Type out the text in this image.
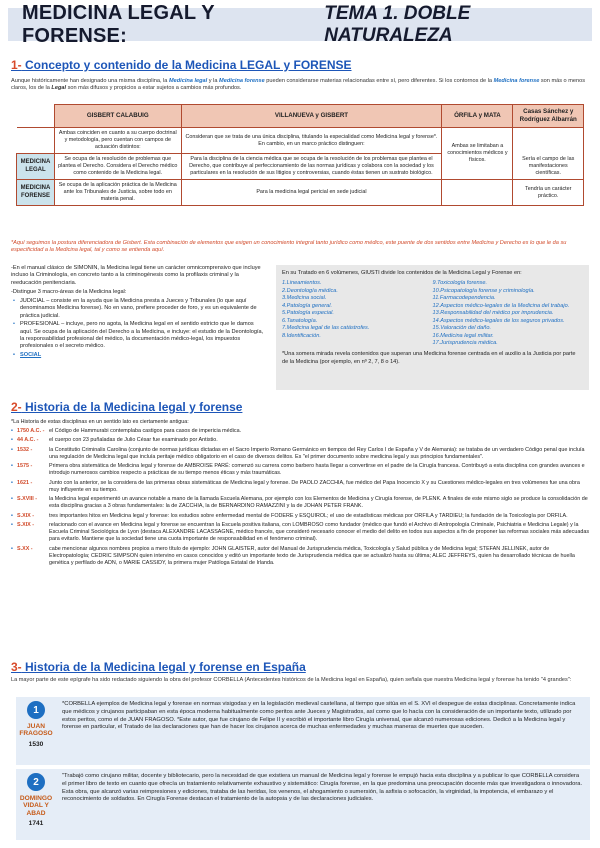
MEDICINA LEGAL Y FORENSE:
TEMA 1. DOBLE NATURALEZA
1- Concepto y contenido de la Medicina LEGAL y FORENSE
Aunque históricamente han designado una misma disciplina, la Medicina legal y la Medicina forense pueden considerarse materias relacionadas entre sí, pero diferentes. Si los contornos de la Medicina forense son más o menos claros, los de la Legal son más difusos y propicios a estar sujetos a cambios más profundos.
	GISBERT CALABUIG	VILLANUEVA y GISBERT	ÓRFILA y MATA	Casas Sánchez y Rodríguez Albarrán
	Ambas coinciden en cuanto a su cuerpo doctrinal y metodología, pero cuentan con campos de actuación distintos:	Consideran que se trata de una única disciplina, titulando la especialidad como Medicina legal y forense*. En cambio, en un marco práctico distinguen:	Ambas se limitaban a conocimientos médicos y físicos.	
MEDICINA LEGAL	Se ocupa de la resolución de problemas que plantea el Derecho. Considera el Derecho médico como contenido de la Medicina legal.	Para la disciplina de la ciencia médica que se ocupa de la resolución de los problemas que plantea el Derecho, que contribuye al perfeccionamiento de las normas jurídicas y colabora con la sociedad y los particulares en la resolución de sus litigios y controversias, cuando éstas tienen un sustrato biológico.		Sería el campo de las manifestaciones científicas.
MEDICINA FORENSE	Se ocupa de la aplicación práctica de la Medicina ante los Tribunales de Justicia, sobre todo en materia penal.	Para la medicina legal pericial en sede judicial		Tendría un carácter práctico.
*Aquí seguimos la postura diferenciadora de Gisbert. Esta combinación de elementos que exigen un conocimiento integral tanto jurídico como médico, este puente de dos sentidos entre Medicina y Derecho es lo que le da su especificidad a la Medicina legal, tal y como se entienda aquí.
-En el manual clásico de SIMONIN, la Medicina legal tiene un carácter omnicomprensivo que incluye incluso la Criminología, en concreto tanto a la criminogénesis como la profilaxis criminal y la reeducación penitenciaria.
-Distingue 3 macro-áreas de la Medicina legal:
• JUDICIAL – consiste en la ayuda que la Medicina presta a Jueces y Tribunales (lo que aquí denominamos Medicina forense). No en vano, prefiere proceder de foro, y es un equivalente de práctica judicial.
• PROFESIONAL – incluye, pero no agota, la Medicina legal en el sentido estricto que le damos aquí. Se ocupa de la aplicación del Derecho a la Medicina, e incluye: el estudio de la Deontología, la responsabilidad profesional del médico, la documentación médico-legal, los impuestos profesionales o el secreto médico.
• SOCIAL
En su Tratado en 6 volúmenes, GIUSTI divide los contenidos de la Medicina Legal y Forense en:
1.Lineamientos.
2.Deontología médica.
3.Medicina social.
4.Patología general.
5.Patología especial.
6.Tanatología.
7.Medicina legal de las catástrofes.
8.Identificación.
9.Toxicología forense.
10.Psicopatología forense y criminología.
11.Farmacodependencia.
12.Aspectos médico-legales de la Medicina del trabajo.
13.Responsabilidad del médico por imprudencia.
14.Aspectos médico-legales de los seguros privados.
15.Valoración del daño.
16.Medicina legal militar.
17.Jurisprudencia médica.
*Una somera mirada revela contenidos que superan una Medicina forense centrada en el auxilio a la Justicia por parte de la Medicina (por ejemplo, en nº 2, 7, 8 o 14).
2- Historia de la Medicina legal y forense
*La Historia de estas disciplinas en un sentido lato es ciertamente antigua:
• 1750 A.C. - el Código de Hammurabi contemplaba castigos para casos de impericia médica.
• 44 A.C. -	el cuerpo con 23 puñaladas de Julio César fue examinado por Antistio.
• 1532 -	la Constitutio Criminalis Carolina (conjunto de normas jurídicas dictadas en el Sacro Imperio Romano Germánico en tiempos del Rey Carlos I de España y V de Alemania): se trataba de un verdadero Código penal que incluía una regulación de Medicina legal que incluía peritaje médico obligatorio en el caso de diversos delitos. Es "el primer documento sobre medicina legal y sus principios fundamentales".
• 1575 -	Primera obra sistemática de Medicina legal y forense de AMBROISE PARÉ: comenzó su carrera como barbero hasta llegar a convertirse en el padre de la Cirugía francesa. Contribuyó a esta disciplina con grandes avances e introdujo numerosos cambios respecto a prácticas de su tiempo menos éticas y más traumáticas.
• 1621 -	Junto con la anterior, se la considera de las primeras obras sistemáticas de Medicina legal y forense. De PAOLO ZACCHIA, fue médico del Papa Inocencio X y su Cuestiones médico-legales en tres volúmenes fue una obra muy influyente en su tiempo.
• S.XVIII -	la Medicina legal experimentó un avance notable a mano de la llamada Escuela Alemana, por ejemplo con los Elementos de Medicina y Cirugía forense, de PLENK. A finales de este mismo siglo se produce la consolidación de esta disciplina gracias a 3 obras fundamentales: la de ZACCHIA, la de BERNARDINO RAMAZZINI y la de JOHAN PETER FRANK.
• S.XIX -	tres importantes hitos en Medicina legal y forense: los estudios sobre enfermedad mental de FODERE y ESQUIROL; el uso de estadísticas médicas por ORFILA y TARDIEU; la fundación de la Toxicología por ORFILA.
• S.XIX -	relacionado con el avance en Medicina legal y forense se encuentran la Escuela positiva italiana, con LOMBROSO como fundador (médico que fundó el Archivo di Antropología Criminale, Psichiatria e Medicina Legale) y la Escuela Criminal Sociológica de Lyon (destaca ALEXANDRE LACASSAGNE, médico francés, que consideró necesario conocer el medio del delito en todos sus aspectos a fin de proponer las reformas sociales más adecuadas para evitarlo. Mantiene que la sociedad tiene una cuota importante de responsabilidad en el fenómeno criminal).
• S.XX -	cabe mencionar algunos nombres propios a mero título de ejemplo: JOHN GLAISTER, autor del Manual de Jurisprudencia médica, Toxicología y Salud pública y de Medicina legal; STEFAN JELLINEK, autor de Electropatología; CEDRIC SIMPSON quien intervino en casos conocidos y editó un importante texto de Jurisprudencia médica que se actualizó hasta su última; ALEC JEFFREYS, quien ha desarrollado técnicas de huella genética y perfilado de ADN, o MARIE CASSIDY, la primera mujer Patóloga Estatal de Irlanda.
3- Historia de la Medicina legal y forense en España
La mayor parte de este epígrafe ha sido redactado siguiendo la obra del profesor CORBELLA (Antecedentes históricos de la Medicina legal en España), quien señala que nuestra Medicina legal y forense ha tenido "4 grandes":
1
JUAN FRAGOSO
1530
*CORBELLA ejemplos de Medicina legal y forense en normas visigodas y en la legislación medieval castellana, al tiempo que sitúa en el S. XVI el despegue de estas disciplinas. Concretamente indica que médicos y cirujanos participaban en esta época moderna habitualmente como peritos ante Jueces y Magistrados, así como que lo hacía con la consideración de un importante texto, utilizado por estos peritos, como el de JUAN FRAGOSO. *Este autor, que fue cirujano de Felipe II y escribió el importante libro Cirugía universal, que alcanzó numerosas ediciones. Dedicó a la Medicina legal y forense en particular, el Tratado de las declaraciones que han de hacer los cirujanos acerca de muchas enfermedades y muchas maneras de muertes que suceden.
2
DOMINGO VIDAL Y ABAD
1741
"Trabajó como cirujano militar, docente y bibliotecario, pero la necesidad de que existiera un manual de Medicina legal y forense le empujó hacia esta disciplina y a publicar lo que CORBELLA considera el primer libro de texto en cuanto que ofrecía un tratamiento relativamente exhaustivo y sistemático: Cirugía forense, en la que predomina una preocupación docente más que investigadora o innovadora. Esta obra, que alcanzó varias reimpresiones y ediciones, trataba de las heridas, los venenos, el ahogamiento o sumersión, la asfixia o sofocación, la virginidad, la impotencia, el embarazo y el reconocimiento de soldados. En Cirugía Forense destacan el tratamiento de la autopsia y de las declaraciones judiciales.
